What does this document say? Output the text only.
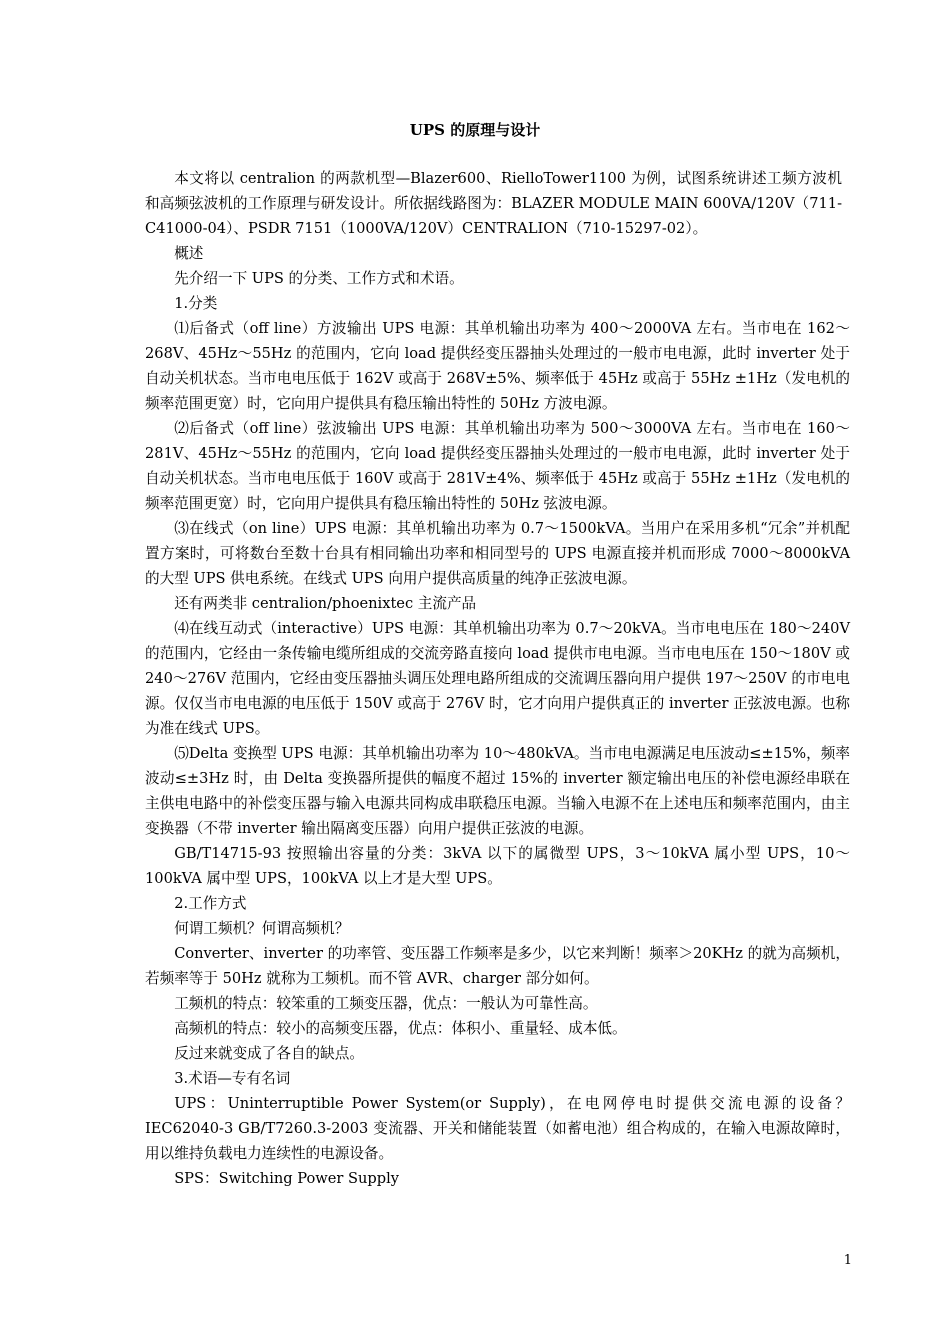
UPS 的原理与设计

本文将以 centralion 的两款机型—Blazer600、RielloTower1100 为例，试图系统讲述工频方波机和高频弦波机的工作原理与研发设计。所依据线路图为：BLAZER MODULE MAIN 600VA/120V（711-C41000-04）、PSDR 7151（1000VA/120V）CENTRALION（710-15297-02）。

概述

先介绍一下 UPS 的分类、工作方式和术语。

1.分类

⑴后备式（off line）方波输出 UPS 电源：其单机输出功率为 400～2000VA 左右。当市电在 162～268V、45Hz～55Hz 的范围内，它向 load 提供经变压器抽头处理过的一般市电电源，此时 inverter 处于自动关机状态。当市电电压低于 162V 或高于 268V±5%、频率低于 45Hz 或高于 55Hz ±1Hz（发电机的频率范围更宽）时，它向用户提供具有稳压输出特性的 50Hz 方波电源。

⑵后备式（off line）弦波输出 UPS 电源：其单机输出功率为 500～3000VA 左右。当市电在 160～281V、45Hz～55Hz 的范围内，它向 load 提供经变压器抽头处理过的一般市电电源，此时 inverter 处于自动关机状态。当市电电压低于 160V 或高于 281V±4%、频率低于 45Hz 或高于 55Hz ±1Hz（发电机的频率范围更宽）时，它向用户提供具有稳压输出特性的 50Hz 弦波电源。

⑶在线式（on line）UPS 电源：其单机输出功率为 0.7～1500kVA。当用户在采用多机“冗余”并机配置方案时，可将数台至数十台具有相同输出功率和相同型号的 UPS 电源直接并机而形成 7000～8000kVA 的大型 UPS 供电系统。在线式 UPS 向用户提供高质量的纯净正弦波电源。

还有两类非 centralion/phoenixtec 主流产品

⑷在线互动式（interactive）UPS 电源：其单机输出功率为 0.7～20kVA。当市电电压在 180～240V 的范围内，它经由一条传输电缆所组成的交流旁路直接向 load 提供市电电源。当市电电压在 150～180V 或 240～276V 范围内，它经由变压器抽头调压处理电路所组成的交流调压器向用户提供 197～250V 的市电电源。仅仅当市电电源的电压低于 150V 或高于 276V 时，它才向用户提供真正的 inverter 正弦波电源。也称为准在线式 UPS。

⑸Delta 变换型 UPS 电源：其单机输出功率为 10～480kVA。当市电电源满足电压波动≤±15%，频率波动≤±3Hz 时，由 Delta 变换器所提供的幅度不超过 15%的 inverter 额定输出电压的补偿电源经串联在主供电电路中的补偿变压器与输入电源共同构成串联稳压电源。当输入电源不在上述电压和频率范围内，由主变换器（不带 inverter 输出隔离变压器）向用户提供正弦波的电源。

GB/T14715-93 按照输出容量的分类：3kVA 以下的属微型 UPS，3～10kVA 属小型 UPS，10～100kVA 属中型 UPS，100kVA 以上才是大型 UPS。

2.工作方式

何谓工频机？何谓高频机？

Converter、inverter 的功率管、变压器工作频率是多少，以它来判断！频率＞20KHz 的就为高频机，若频率等于 50Hz 就称为工频机。而不管 AVR、charger 部分如何。

工频机的特点：较笨重的工频变压器，优点：一般认为可靠性高。

高频机的特点：较小的高频变压器，优点：体积小、重量轻、成本低。

反过来就变成了各自的缺点。

3.术语—专有名词

UPS：Uninterruptible Power System(or Supply)，在电网停电时提供交流电源的设备？IEC62040-3 GB/T7260.3-2003 变流器、开关和储能装置（如蓄电池）组合构成的，在输入电源故障时，用以维持负载电力连续性的电源设备。

SPS：Switching Power Supply

1
